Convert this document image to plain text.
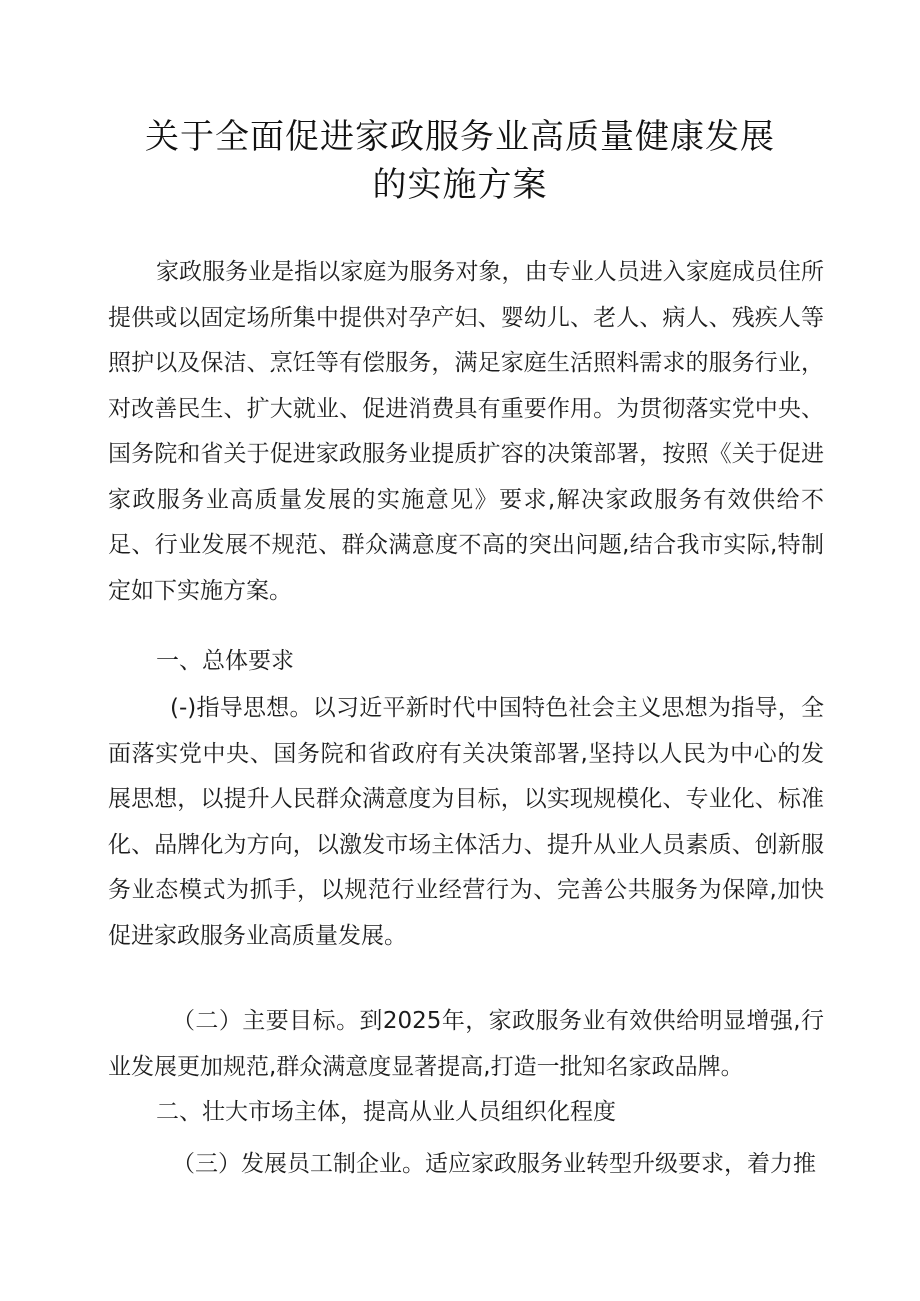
关于全面促进家政服务业高质量健康发展
的实施方案

家政服务业是指以家庭为服务对象，由专业人员进入家庭成员住所提供或以固定场所集中提供对孕产妇、婴幼儿、老人、病人、残疾人等照护以及保洁、烹饪等有偿服务，满足家庭生活照料需求的服务行业，对改善民生、扩大就业、促进消费具有重要作用。为贯彻落实党中央、国务院和省关于促进家政服务业提质扩容的决策部署，按照《关于促进家政服务业高质量发展的实施意见》要求,解决家政服务有效供给不足、行业发展不规范、群众满意度不高的突出问题,结合我市实际,特制定如下实施方案。

一、总体要求

(-)指导思想。以习近平新时代中国特色社会主义思想为指导，全面落实党中央、国务院和省政府有关决策部署,坚持以人民为中心的发展思想，以提升人民群众满意度为目标，以实现规模化、专业化、标准化、品牌化为方向，以激发市场主体活力、提升从业人员素质、创新服务业态模式为抓手，以规范行业经营行为、完善公共服务为保障,加快促进家政服务业高质量发展。

（二）主要目标。到2025年，家政服务业有效供给明显增强,行业发展更加规范,群众满意度显著提高,打造一批知名家政品牌。

二、壮大市场主体，提高从业人员组织化程度

（三）发展员工制企业。适应家政服务业转型升级要求，着力推
